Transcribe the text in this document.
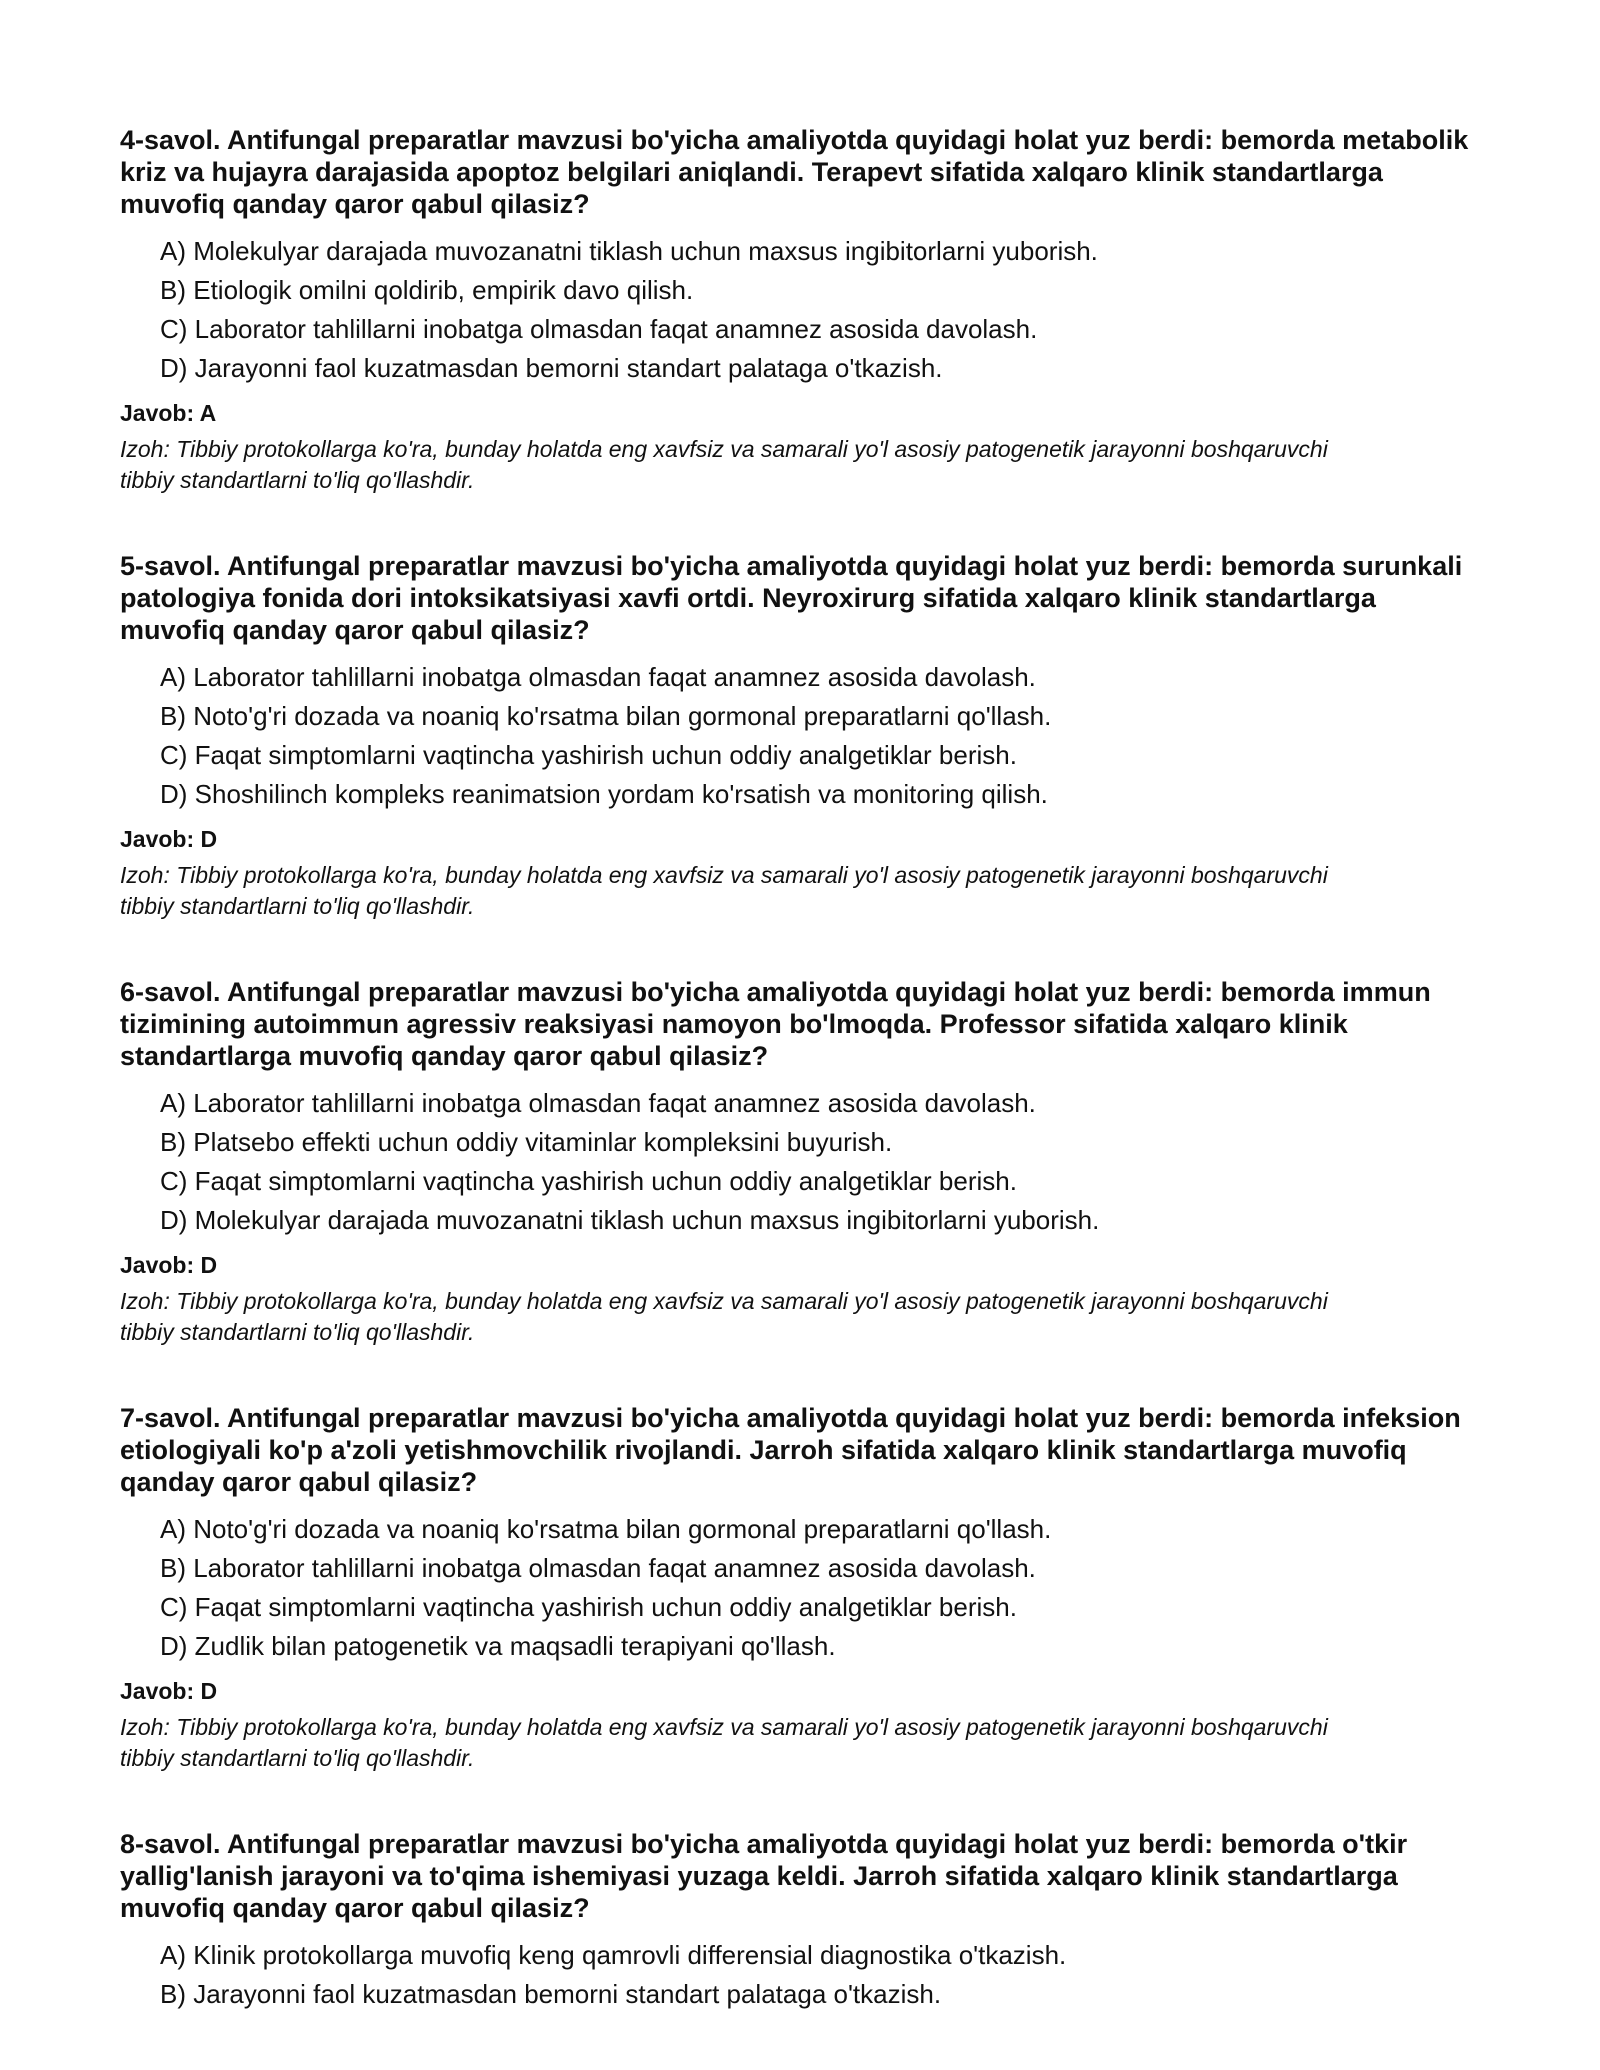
4-savol. Antifungal preparatlar mavzusi bo'yicha amaliyotda quyidagi holat yuz berdi: bemorda metabolik kriz va hujayra darajasida apoptoz belgilari aniqlandi. Terapevt sifatida xalqaro klinik standartlarga muvofiq qanday qaror qabul qilasiz?

A) Molekulyar darajada muvozanatni tiklash uchun maxsus ingibitorlarni yuborish.
B) Etiologik omilni qoldirib, empirik davo qilish.
C) Laborator tahlillarni inobatga olmasdan faqat anamnez asosida davolash.
D) Jarayonni faol kuzatmasdan bemorni standart palataga o'tkazish.

Javob: A

Izoh: Tibbiy protokollarga ko'ra, bunday holatda eng xavfsiz va samarali yo'l asosiy patogenetik jarayonni boshqaruvchi tibbiy standartlarni to'liq qo'llashdir.

5-savol. Antifungal preparatlar mavzusi bo'yicha amaliyotda quyidagi holat yuz berdi: bemorda surunkali patologiya fonida dori intoksikatsiyasi xavfi ortdi. Neyroxirurg sifatida xalqaro klinik standartlarga muvofiq qanday qaror qabul qilasiz?

A) Laborator tahlillarni inobatga olmasdan faqat anamnez asosida davolash.
B) Noto'g'ri dozada va noaniq ko'rsatma bilan gormonal preparatlarni qo'llash.
C) Faqat simptomlarni vaqtincha yashirish uchun oddiy analgetiklar berish.
D) Shoshilinch kompleks reanimatsion yordam ko'rsatish va monitoring qilish.

Javob: D

Izoh: Tibbiy protokollarga ko'ra, bunday holatda eng xavfsiz va samarali yo'l asosiy patogenetik jarayonni boshqaruvchi tibbiy standartlarni to'liq qo'llashdir.

6-savol. Antifungal preparatlar mavzusi bo'yicha amaliyotda quyidagi holat yuz berdi: bemorda immun tizimining autoimmun agressiv reaksiyasi namoyon bo'lmoqda. Professor sifatida xalqaro klinik standartlarga muvofiq qanday qaror qabul qilasiz?

A) Laborator tahlillarni inobatga olmasdan faqat anamnez asosida davolash.
B) Platsebo effekti uchun oddiy vitaminlar kompleksini buyurish.
C) Faqat simptomlarni vaqtincha yashirish uchun oddiy analgetiklar berish.
D) Molekulyar darajada muvozanatni tiklash uchun maxsus ingibitorlarni yuborish.

Javob: D

Izoh: Tibbiy protokollarga ko'ra, bunday holatda eng xavfsiz va samarali yo'l asosiy patogenetik jarayonni boshqaruvchi tibbiy standartlarni to'liq qo'llashdir.

7-savol. Antifungal preparatlar mavzusi bo'yicha amaliyotda quyidagi holat yuz berdi: bemorda infeksion etiologiyali ko'p a'zoli yetishmovchilik rivojlandi. Jarroh sifatida xalqaro klinik standartlarga muvofiq qanday qaror qabul qilasiz?

A) Noto'g'ri dozada va noaniq ko'rsatma bilan gormonal preparatlarni qo'llash.
B) Laborator tahlillarni inobatga olmasdan faqat anamnez asosida davolash.
C) Faqat simptomlarni vaqtincha yashirish uchun oddiy analgetiklar berish.
D) Zudlik bilan patogenetik va maqsadli terapiyani qo'llash.

Javob: D

Izoh: Tibbiy protokollarga ko'ra, bunday holatda eng xavfsiz va samarali yo'l asosiy patogenetik jarayonni boshqaruvchi tibbiy standartlarni to'liq qo'llashdir.

8-savol. Antifungal preparatlar mavzusi bo'yicha amaliyotda quyidagi holat yuz berdi: bemorda o'tkir yallig'lanish jarayoni va to'qima ishemiyasi yuzaga keldi. Jarroh sifatida xalqaro klinik standartlarga muvofiq qanday qaror qabul qilasiz?

A) Klinik protokollarga muvofiq keng qamrovli differensial diagnostika o'tkazish.
B) Jarayonni faol kuzatmasdan bemorni standart palataga o'tkazish.
